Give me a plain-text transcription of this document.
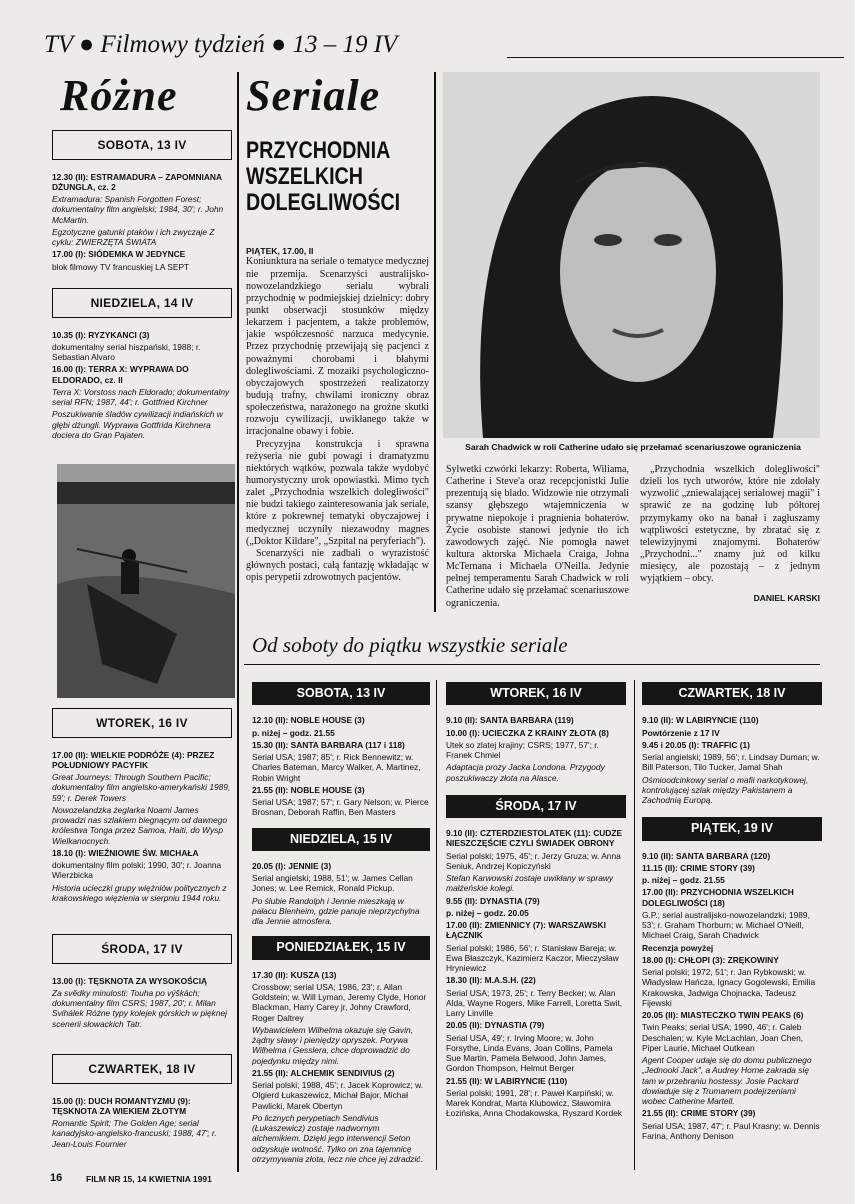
TV ● Filmowy tydzień ● 13 – 19 IV
Różne
SOBOTA, 13 IV

12.30 (II): ESTRAMADURA – ZAPOMNIANA DŻUNGLA, cz. 2

Extramadura: Spanish Forgotten Forest; dokumentalny film angielski; 1984, 30'; r. John McMartin.

Egzotyczne gatunki ptaków i ich zwyczaje Z cyklu: ZWIERZĘTA ŚWIATA

17.00 (I): SIÓDEMKA W JEDYNCE

blok filmowy TV francuskiej LA SEPT

NIEDZIELA, 14 IV

10.35 (I): RYZYKANCI (3)

dokumentalny serial hiszpański, 1988; r. Sebastian Alvaro

16.00 (I): TERRA X: WYPRAWA DO ELDORADO, cz. II

Terra X: Vorstoss nach Eldorado; dokumentalny serial RFN; 1987, 44'; r. Gottfried Kirchner

Poszukiwanie śladów cywilizacji indiańskich w głębi dżungli. Wyprawa Gottfrida Kirchnera dociera do Gran Pajaten.

WTOREK, 16 IV

17.00 (II): WIELKIE PODRÓŻE (4): PRZEZ POŁUDNIOWY PACYFIK

Great Journeys: Through Southern Pacific; dokumentalny film angielsko-amerykański 1989, 59'; r. Derek Towers

Nowozelandzka żeglarka Noami James prowadzi nas szlakiem biegnącym od dawnego królestwa Tonga przez Samoa, Haiti, do Wysp Wielkanocnych.

18.10 (I): WIEŹNIOWIE ŚW. MICHAŁA

dokumentalny film polski; 1990, 30'; r. Joanna Wierzbicka

Historia ucieczki grupy więźniów politycznych z krakowskiego więzienia w sierpniu 1944 roku.

ŚRODA, 17 IV

13.00 (I): TĘSKNOTA ZA WYSOKOŚCIĄ

Za svědky minulosti: Touha po výškách; dokumentalny film CSRS; 1987, 20'; r. Milan Svihálek Różne typy kolejek górskich w pięknej scenerii słowackich Tatr.

CZWARTEK, 18 IV

15.00 (I): DUCH ROMANTYZMU (9): TĘSKNOTA ZA WIEKIEM ZŁOTYM

Romantic Spirit; The Golden Age; serial kanadyjsko-angielsko-francuski; 1988, 47'; r. Jean-Louis Fournier

Seriale
PRZYCHODNIA WSZELKICH DOLEGLIWOŚCI

PIĄTEK, 17.00, II

Koniunktura na seriale o tematyce medycznej nie przemija. Scenarzyści australijsko-nowozelandzkiego serialu wybrali przychodnię w podmiejskiej dzielnicy: dobry punkt obserwacji stosunków między lekarzem i pacjentem, a także problemów, jakie współczesność narzuca medycynie. Przez przychodnię przewijają się pacjenci z poważnymi chorobami i błahymi dolegliwościami. Z mozaiki psychologiczno-obyczajowych spostrzeżeń realizatorzy budują trafny, chwilami ironiczny obraz społeczeństwa, narażonego na groźne skutki rozwoju cywilizacji, uwikłanego także w irracjonalne obawy i fobie.

Precyzyjna konstrukcja i sprawna reżyseria nie gubi powagi i dramatyzmu niektórych wątków, pozwala także wydobyć humorystyczny urok opowiastki. Mimo tych zalet „Przychodnia wszelkich dolegliwości" nie budzi takiego zainteresowania jak seriale, które z pokrewnej tematyki obyczajowej i medycznej uczyniły niezawodny magnes („Doktor Kildare", „Szpital na peryferiach").

Scenarzyści nie zadbali o wyrazistość głównych postaci, całą fantazję wkładając w opis perypetii zdrowotnych pacjentów.

Sarah Chadwick w roli Catherine udało się przełamać scenariuszowe ograniczenia

Sylwetki czwórki lekarzy: Roberta, Wiliama, Catherine i Steve'a oraz recepcjonistki Julie prezentują się blado. Widzowie nie otrzymali szansy głębszego wtajemniczenia w prywatne niepokoje i pragnienia bohaterów. Życie osobiste stanowi jedynie tło ich zawodowych zajęć. Nie pomogła nawet kultura aktorska Michaela Craiga, Johna McTernana i Michaela O'Neilla. Jedynie pełnej temperamentu Sarah Chadwick w roli Catherine udało się przełamać scenariuszowe ograniczenia.

„Przychodnia wszelkich dolegliwości" dzieli los tych utworów, które nie zdołały wyzwolić „zniewalającej serialowej magii" i sprawić ze na godzinę lub półtorej przymykamy oko na banał i zagłuszamy wątpliwości estetyczne, by zbratać się z telewizyjnymi znajomymi. Bohaterów „Przychodni..." znamy już od kilku miesięcy, ale pozostają – z jednym wyjątkiem – obcy.

DANIEL KARSKI

Od soboty do piątku wszystkie seriale
SOBOTA, 13 IV

12.10 (II): NOBLE HOUSE (3)

p. niżej – godz. 21.55

15.30 (II): SANTA BARBARA (117 i 118)

Serial USA; 1987; 85'; r. Rick Bennewitz; w. Charles Bateman, Marcy Walker, A. Martinez, Robin Wright

21.55 (II): NOBLE HOUSE (3)

Serial USA; 1987; 57'; r. Gary Nelson; w. Pierce Brosnan, Deborah Raffin, Ben Masters

NIEDZIELA, 15 IV

20.05 (I): JENNIE (3)

Serial angielski; 1988, 51'; w. James Cellan Jones; w. Lee Remick, Ronald Pickup.

Po ślubie Randolph i Jennie mieszkają w pałacu Blenheim, gdzie panuje nieprzychylna dla Jennie atmosfera.

PONIEDZIAŁEK, 15 IV

17.30 (II): KUSZA (13)

Crossbow; serial USA; 1986, 23'; r. Allan Goldstein; w. Will Lyman, Jeremy Clyde, Honor Blackman, Harry Carey jr, Johny Crawford, Roger Daltrey

Wybawicielem Wilhelma okazuje się Gavin, żądny sławy i pieniędzy opryszek. Porywa Wilhelma i Gesslera, chce doprowadzić do pojedynku między nimi.

21.55 (II): ALCHEMIK SENDIVIUS (2)

Serial polski; 1988, 45'; r. Jacek Koprowicz; w. Olgierd Łukaszewicz, Michał Bajor, Michał Pawlicki, Marek Obertyn

Po licznych perypetiach Sendivius (Łukaszewicz) zostaje nadwornym alchemikiem. Dzięki jego interwencji Seton odzyskuje wolność. Tylko on zna tajemnicę otrzymywania złota, lecz nie chce jej zdradzić.

WTOREK, 16 IV

9.10 (II): SANTA BARBARA (119)

10.00 (I): UCIECZKA Z KRAINY ZŁOTA (8)

Utek so zlatej krajiny; CSRS; 1977, 57'; r. Franek Chmiel

Adaptacja prozy Jacka Londona. Przygody poszukiwaczy złota na Alasce.

ŚRODA, 17 IV

9.10 (II): CZTERDZIESTOLATEK (11): CUDZE NIESZCZĘŚCIE CZYLI ŚWIADEK OBRONY

Serial polski; 1975, 45'; r. Jerzy Gruza; w. Anna Seniuk, Andrzej Kopiczyński

Stefan Karwowski zostaje uwikłany w sprawy małżeńskie kolegi.

9.55 (II): DYNASTIA (79)

p. niżej – godz. 20.05

17.00 (II): ZMIENNICY (7): WARSZAWSKI ŁĄCZNIK

Serial polski; 1986, 56'; r. Stanisław Bareja; w. Ewa Błaszczyk, Kazimierz Kaczor, Mieczysław Hryniewicz

18.30 (II): M.A.S.H. (22)

Serial USA; 1973, 25'; r. Terry Becker; w. Alan Alda, Wayne Rogers, Mike Farrell, Loretta Swit, Larry Linville

20.05 (II): DYNASTIA (79)

Serial USA, 49'; r. Irving Moore; w. John Forsythe, Linda Evans, Joan Collins, Pamela Sue Martin, Pamela Belwood, John James, Gordon Thompson, Helmut Berger

21.55 (II): W LABIRYNCIE (110)

Serial polski; 1991, 28'; r. Paweł Karpiński; w. Marek Kondrat, Marta Klubowicz, Sławomira Łozińska, Anna Chodakowska, Ryszard Kordek

CZWARTEK, 18 IV

9.10 (II): W LABIRYNCIE (110)

Powtórzenie z 17 IV

9.45 i 20.05 (I): TRAFFIC (1)

Serial angielski; 1989, 56'; r. Lindsay Duman; w. Bill Paterson, Tilo Tucker, Jamal Shah

Ośmioodcinkowy serial o mafii narkotykowej, kontrolującej szlak między Pakistanem a Zachodnią Europą.

PIĄTEK, 19 IV

9.10 (II): SANTA BARBARA (120)

11.15 (II): CRIME STORY (39)

p. niżej – godz. 21.55

17.00 (II): PRZYCHODNIA WSZELKICH DOLEGLIWOŚCI (18)

G.P.; serial australijsko-nowozelandzki; 1989, 53'; r. Graham Thorburn; w. Michael O'Neill, Michael Craig, Sarah Chadwick

Recenzja powyżej

18.00 (I): CHŁOPI (3): ZRĘKOWINY

Serial polski; 1972, 51'; r. Jan Rybkowski; w. Władysław Hańcza, Ignacy Gogolewski, Emilia Krakowska, Jadwiga Chojnacka, Tadeusz Fijewski

20.05 (II): MIASTECZKO TWIN PEAKS (6)

Twin Peaks; serial USA; 1990, 46'; r. Caleb Deschalen; w. Kyle McLachlan, Joan Chen, Piper Laurie, Michael Outkean

Agent Cooper udaje się do domu publicznego „Jednooki Jack", a Audrey Horne zakrada się tam w przebraniu hostessy. Josie Packard dowiaduje się z Trumanem podejrzeniami wobec Catherine Martell.

21.55 (II): CRIME STORY (39)

Serial USA; 1987, 47'; r. Paul Krasny; w. Dennis Farina, Anthony Denison

16	FILM NR 15, 14 KWIETNIA 1991
